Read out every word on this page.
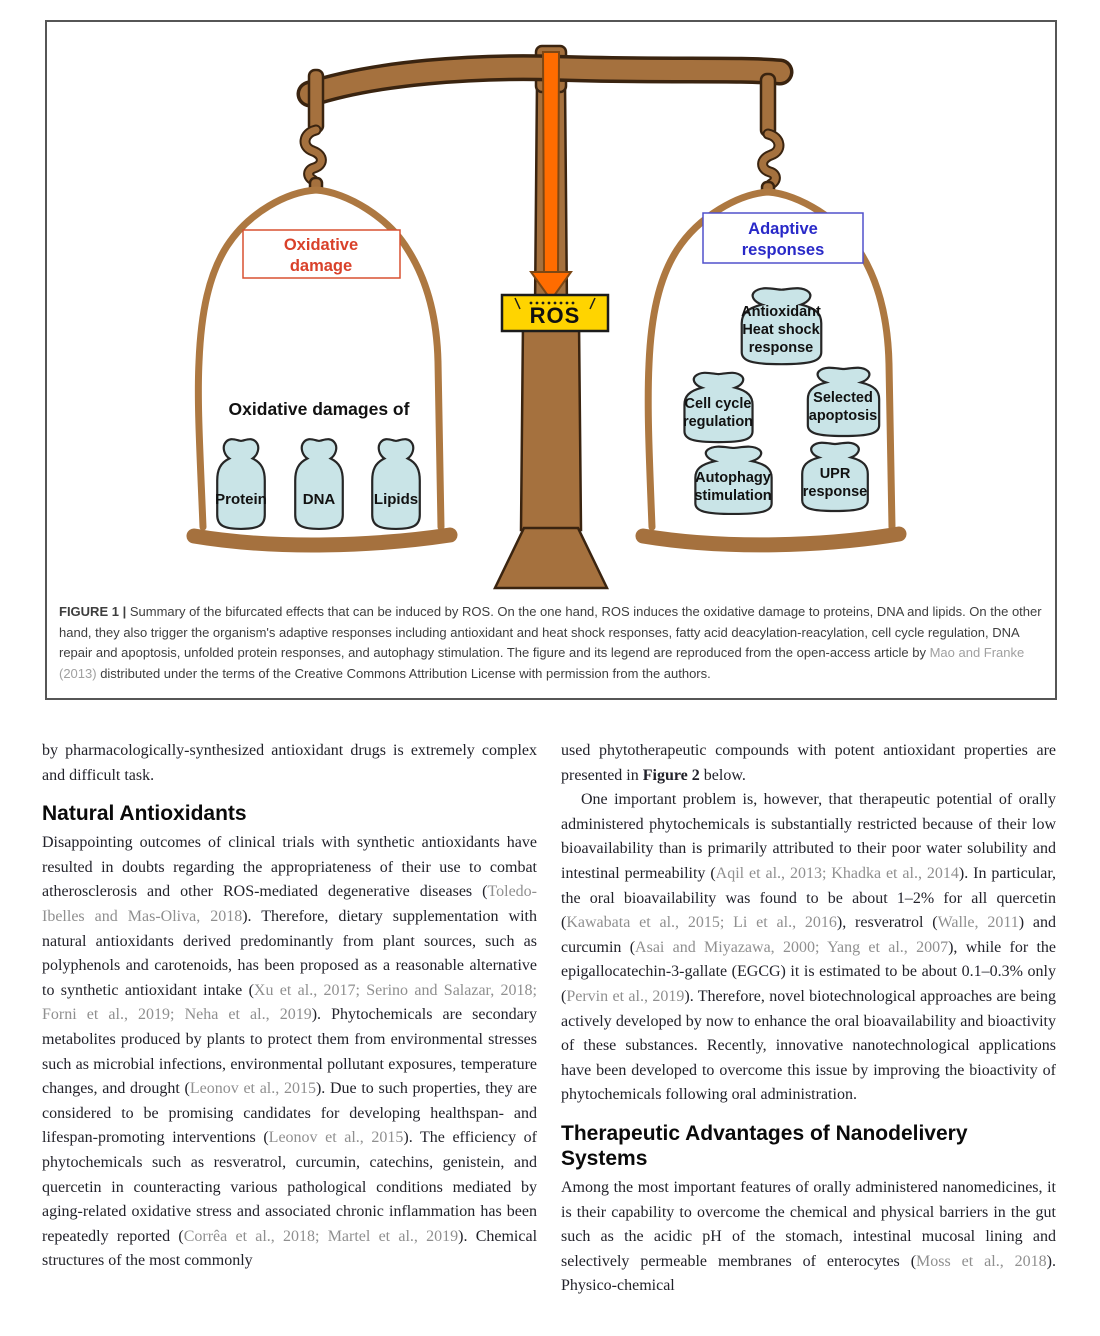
ROS
Oxidative
damage
Adaptive
responses
Oxidative damages of
Protein DNA	Lipids
Antioxidant
Heat shock
response
Cell cycle
regulation
Selected
apoptosis
Autophagy
stimulation
UPR
response
FIGURE 1 | Summary of the bifurcated effects that can be induced by ROS. On the one hand, ROS induces the oxidative damage to proteins, DNA and lipids. On the other hand, they also trigger the organism's adaptive responses including antioxidant and heat shock responses, fatty acid deacylation-reacylation, cell cycle regulation, DNA repair and apoptosis, unfolded protein responses, and autophagy stimulation. The figure and its legend are reproduced from the open-access article by Mao and Franke (2013) distributed under the terms of the Creative Commons Attribution License with permission from the authors.

by pharmacologically-synthesized antioxidant drugs is extremely complex and difficult task.

Natural Antioxidants

Disappointing outcomes of clinical trials with synthetic antioxidants have resulted in doubts regarding the appropriateness of their use to combat atherosclerosis and other ROS-mediated degenerative diseases (Toledo-Ibelles and Mas-Oliva, 2018). Therefore, dietary supplementation with natural antioxidants derived predominantly from plant sources, such as polyphenols and carotenoids, has been proposed as a reasonable alternative to synthetic antioxidant intake (Xu et al., 2017; Serino and Salazar, 2018; Forni et al., 2019; Neha et al., 2019). Phytochemicals are secondary metabolites produced by plants to protect them from environmental stresses such as microbial infections, environmental pollutant exposures, temperature changes, and drought (Leonov et al., 2015). Due to such properties, they are considered to be promising candidates for developing healthspan- and lifespan-promoting interventions (Leonov et al., 2015). The efficiency of phytochemicals such as resveratrol, curcumin, catechins, genistein, and quercetin in counteracting various pathological conditions mediated by aging-related oxidative stress and associated chronic inflammation has been repeatedly reported (Corrêa et al., 2018; Martel et al., 2019). Chemical structures of the most commonly

used phytotherapeutic compounds with potent antioxidant properties are presented in Figure 2 below.

One important problem is, however, that therapeutic potential of orally administered phytochemicals is substantially restricted because of their low bioavailability than is primarily attributed to their poor water solubility and intestinal permeability (Aqil et al., 2013; Khadka et al., 2014). In particular, the oral bioavailability was found to be about 1–2% for all quercetin (Kawabata et al., 2015; Li et al., 2016), resveratrol (Walle, 2011) and curcumin (Asai and Miyazawa, 2000; Yang et al., 2007), while for the epigallocatechin-3-gallate (EGCG) it is estimated to be about 0.1–0.3% only (Pervin et al., 2019). Therefore, novel biotechnological approaches are being actively developed by now to enhance the oral bioavailability and bioactivity of these substances. Recently, innovative nanotechnological applications have been developed to overcome this issue by improving the bioactivity of phytochemicals following oral administration.

Therapeutic Advantages of Nanodelivery Systems

Among the most important features of orally administered nanomedicines, it is their capability to overcome the chemical and physical barriers in the gut such as the acidic pH of the stomach, intestinal mucosal lining and selectively permeable membranes of enterocytes (Moss et al., 2018). Physico-chemical
